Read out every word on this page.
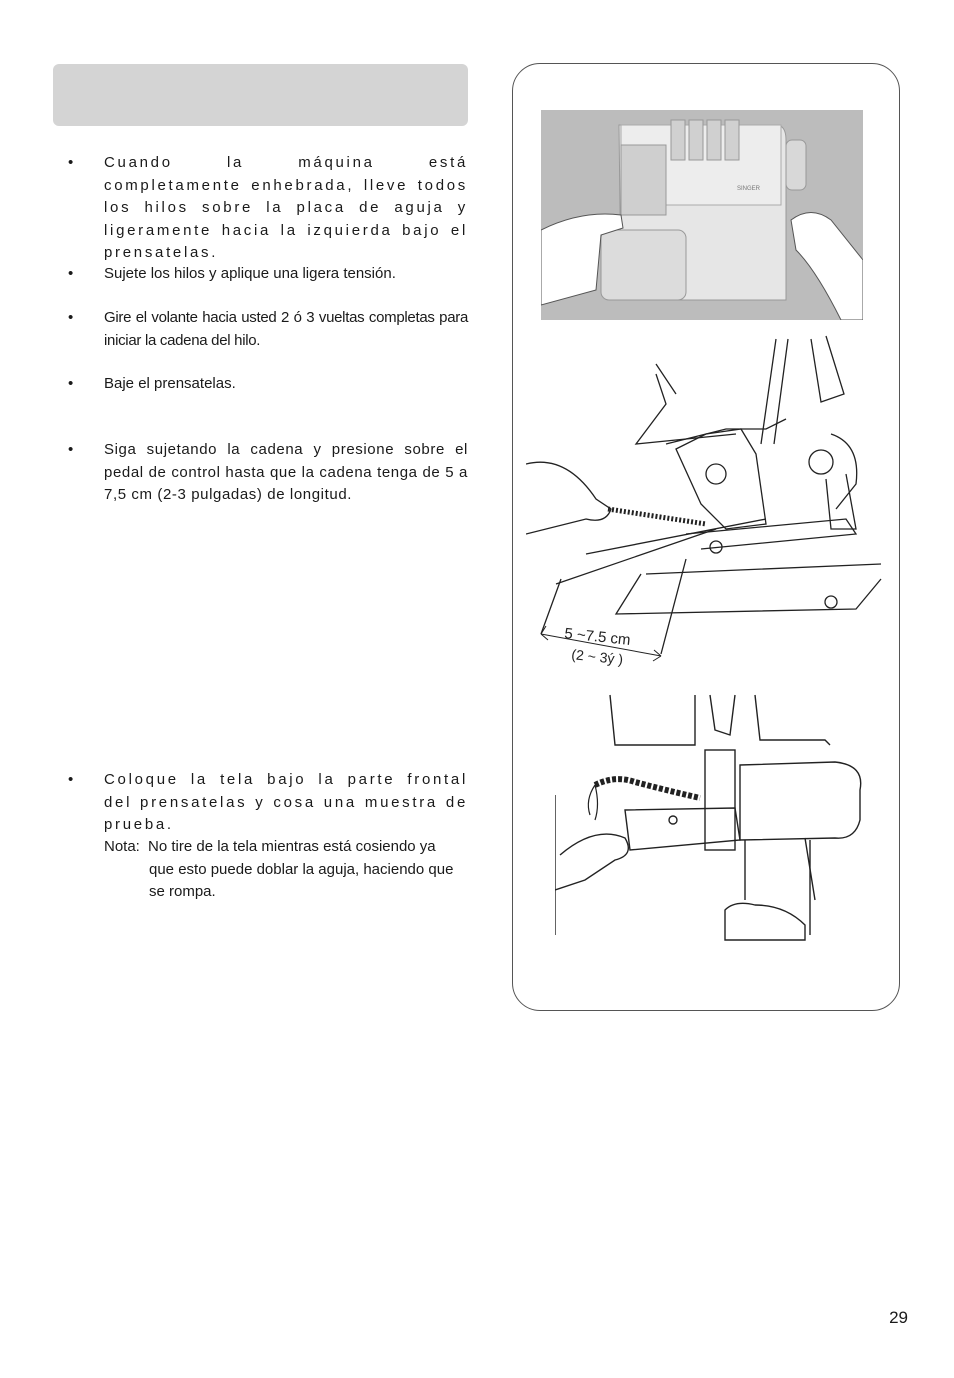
•	Cuando la máquina está completamente enhebrada, lleve todos los hilos sobre la placa de aguja y ligeramente hacia la izquierda bajo el prensatelas.
•	Sujete los hilos y aplique una ligera tensión.
•	Gire el volante hacia usted 2 ó 3 vueltas completas para iniciar la cadena del hilo.
•	Baje el prensatelas.
•	Siga sujetando la cadena y presione sobre el pedal de control hasta que la cadena tenga de 5 a 7,5 cm (2-3 pulgadas) de longitud.
•	Coloque la tela bajo la parte frontal del prensatelas y cosa una muestra de prueba.
Nota: No tire de la tela mientras está cosiendo ya
que esto puede doblar la aguja, haciendo que se rompa.
SINGER
5 ~7.5 cm
(2 ~ 3ý )
29
